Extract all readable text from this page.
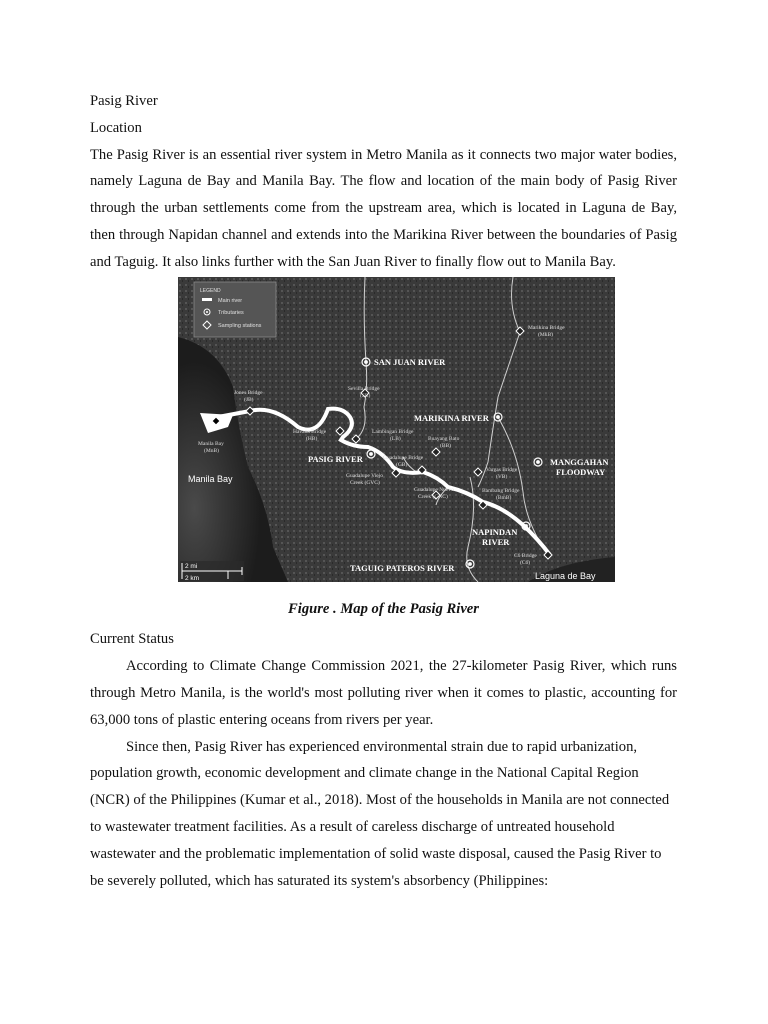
Pasig River

Location

The Pasig River is an essential river system in Metro Manila as it connects two major water bodies, namely Laguna de Bay and Manila Bay. The flow and location of the main body of Pasig River through the urban settlements come from the upstream area, which is located in Laguna de Bay, then through Napidan channel and extends into the Marikina River between the boundaries of Pasig and Taguig. It also links further with the San Juan River to finally flow out to Manila Bay.

LEGEND
Main river
Tributaries
Sampling stations
SAN JUAN RIVER
MARIKINA RIVER
PASIG RIVER	MANGGAHAN
FLOODWAY
NAPINDAN
RIVER
TAGUIG PATEROS RIVER
Manila Bay
Laguna de Bay
Marikina Bridge
(MkB)
Jones Bridge
(JB)
Sevilla Bridge
(SB)
Manila Bay
(MnB)
Havana Bridge
(HB)
Lambingan Bridge
(LB)	Buayang Bato
(BB)
Guadalupe Bridge
(GB)
Guadalupe Viejo
Creek (GVC)
Guadalupe Nuevo
Creek (GNC)
Vargas Bridge
(VB)
Bambang Bridge
(BmB)
C6 Bridge
(C6)
2 mi
2 km

Figure . Map of the Pasig River

Current Status

According to Climate Change Commission 2021, the 27-kilometer Pasig River, which runs through Metro Manila, is the world's most polluting river when it comes to plastic, accounting for 63,000 tons of plastic entering oceans from rivers per year.

Since then, Pasig River has experienced environmental strain due to rapid urbanization, population growth, economic development and climate change in the National Capital Region (NCR) of the Philippines (Kumar et al., 2018). Most of the households in Manila are not connected to wastewater treatment facilities. As a result of careless discharge of untreated household wastewater and the problematic implementation of solid waste disposal, caused the Pasig River to be severely polluted, which has saturated its system's absorbency (Philippines:
